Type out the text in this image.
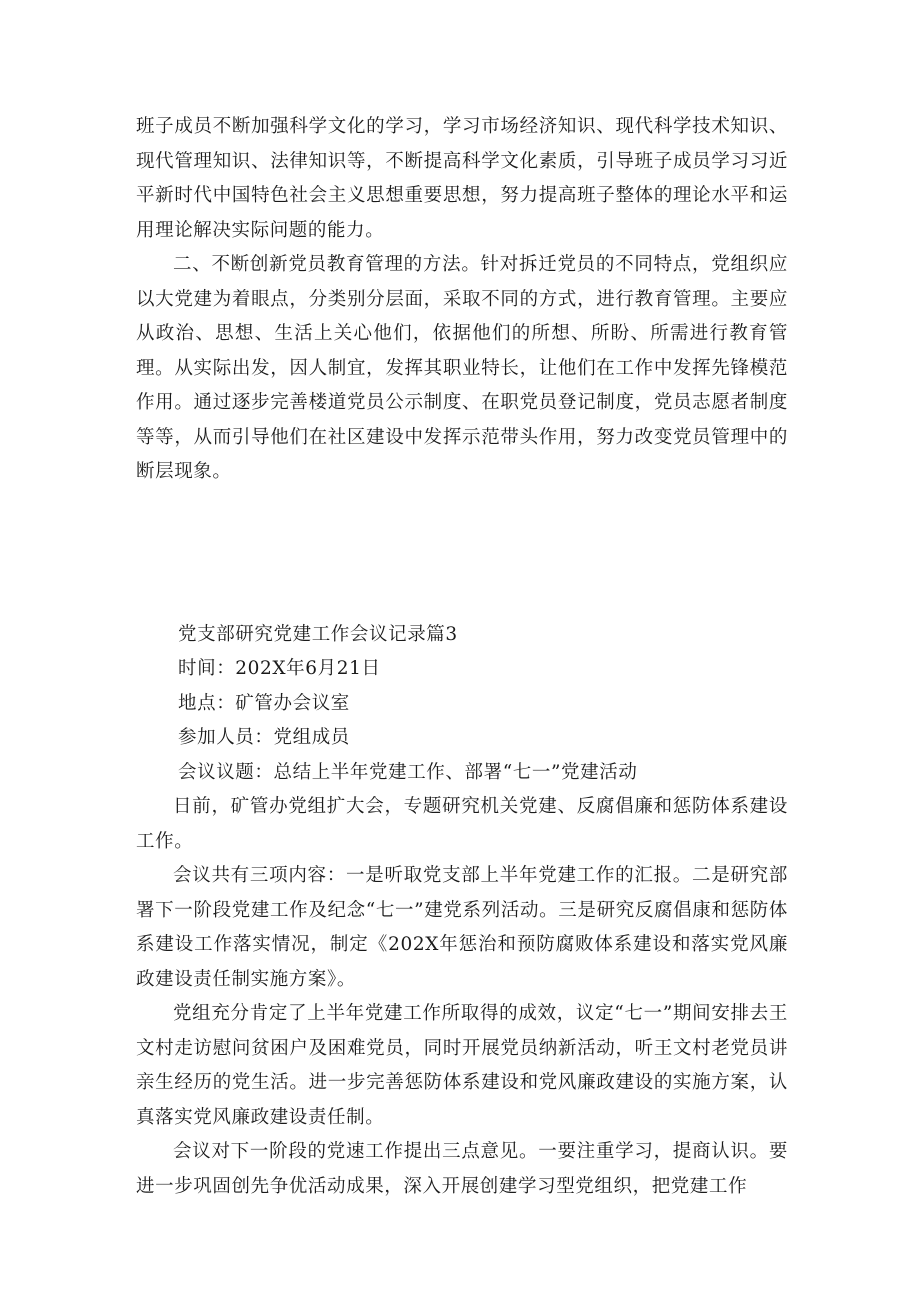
班子成员不断加强科学文化的学习，学习市场经济知识、现代科学技术知识、现代管理知识、法律知识等，不断提高科学文化素质，引导班子成员学习习近平新时代中国特色社会主义思想重要思想，努力提高班子整体的理论水平和运用理论解决实际问题的能力。

二、不断创新党员教育管理的方法。针对拆迁党员的不同特点，党组织应以大党建为着眼点，分类别分层面，采取不同的方式，进行教育管理。主要应从政治、思想、生活上关心他们，依据他们的所想、所盼、所需进行教育管理。从实际出发，因人制宜，发挥其职业特长，让他们在工作中发挥先锋模范作用。通过逐步完善楼道党员公示制度、在职党员登记制度，党员志愿者制度等等，从而引导他们在社区建设中发挥示范带头作用，努力改变党员管理中的断层现象。

党支部研究党建工作会议记录篇3

时间：202X年6月21日

地点：矿管办会议室

参加人员：党组成员

会议议题：总结上半年党建工作、部署“七一”党建活动

日前，矿管办党组扩大会，专题研究机关党建、反腐倡廉和惩防体系建设工作。

会议共有三项内容：一是听取党支部上半年党建工作的汇报。二是研究部署下一阶段党建工作及纪念“七一”建党系列活动。三是研究反腐倡康和惩防体系建设工作落实情况，制定《202X年惩治和预防腐败体系建设和落实党风廉政建设责任制实施方案》。

党组充分肯定了上半年党建工作所取得的成效，议定“七一”期间安排去王文村走访慰问贫困户及困难党员，同时开展党员纳新活动，听王文村老党员讲亲生经历的党生活。进一步完善惩防体系建设和党风廉政建设的实施方案，认真落实党风廉政建设责任制。

会议对下一阶段的党速工作提出三点意见。一要注重学习，提商认识。要进一步巩固创先争优活动成果，深入开展创建学习型党组织，把党建工作
